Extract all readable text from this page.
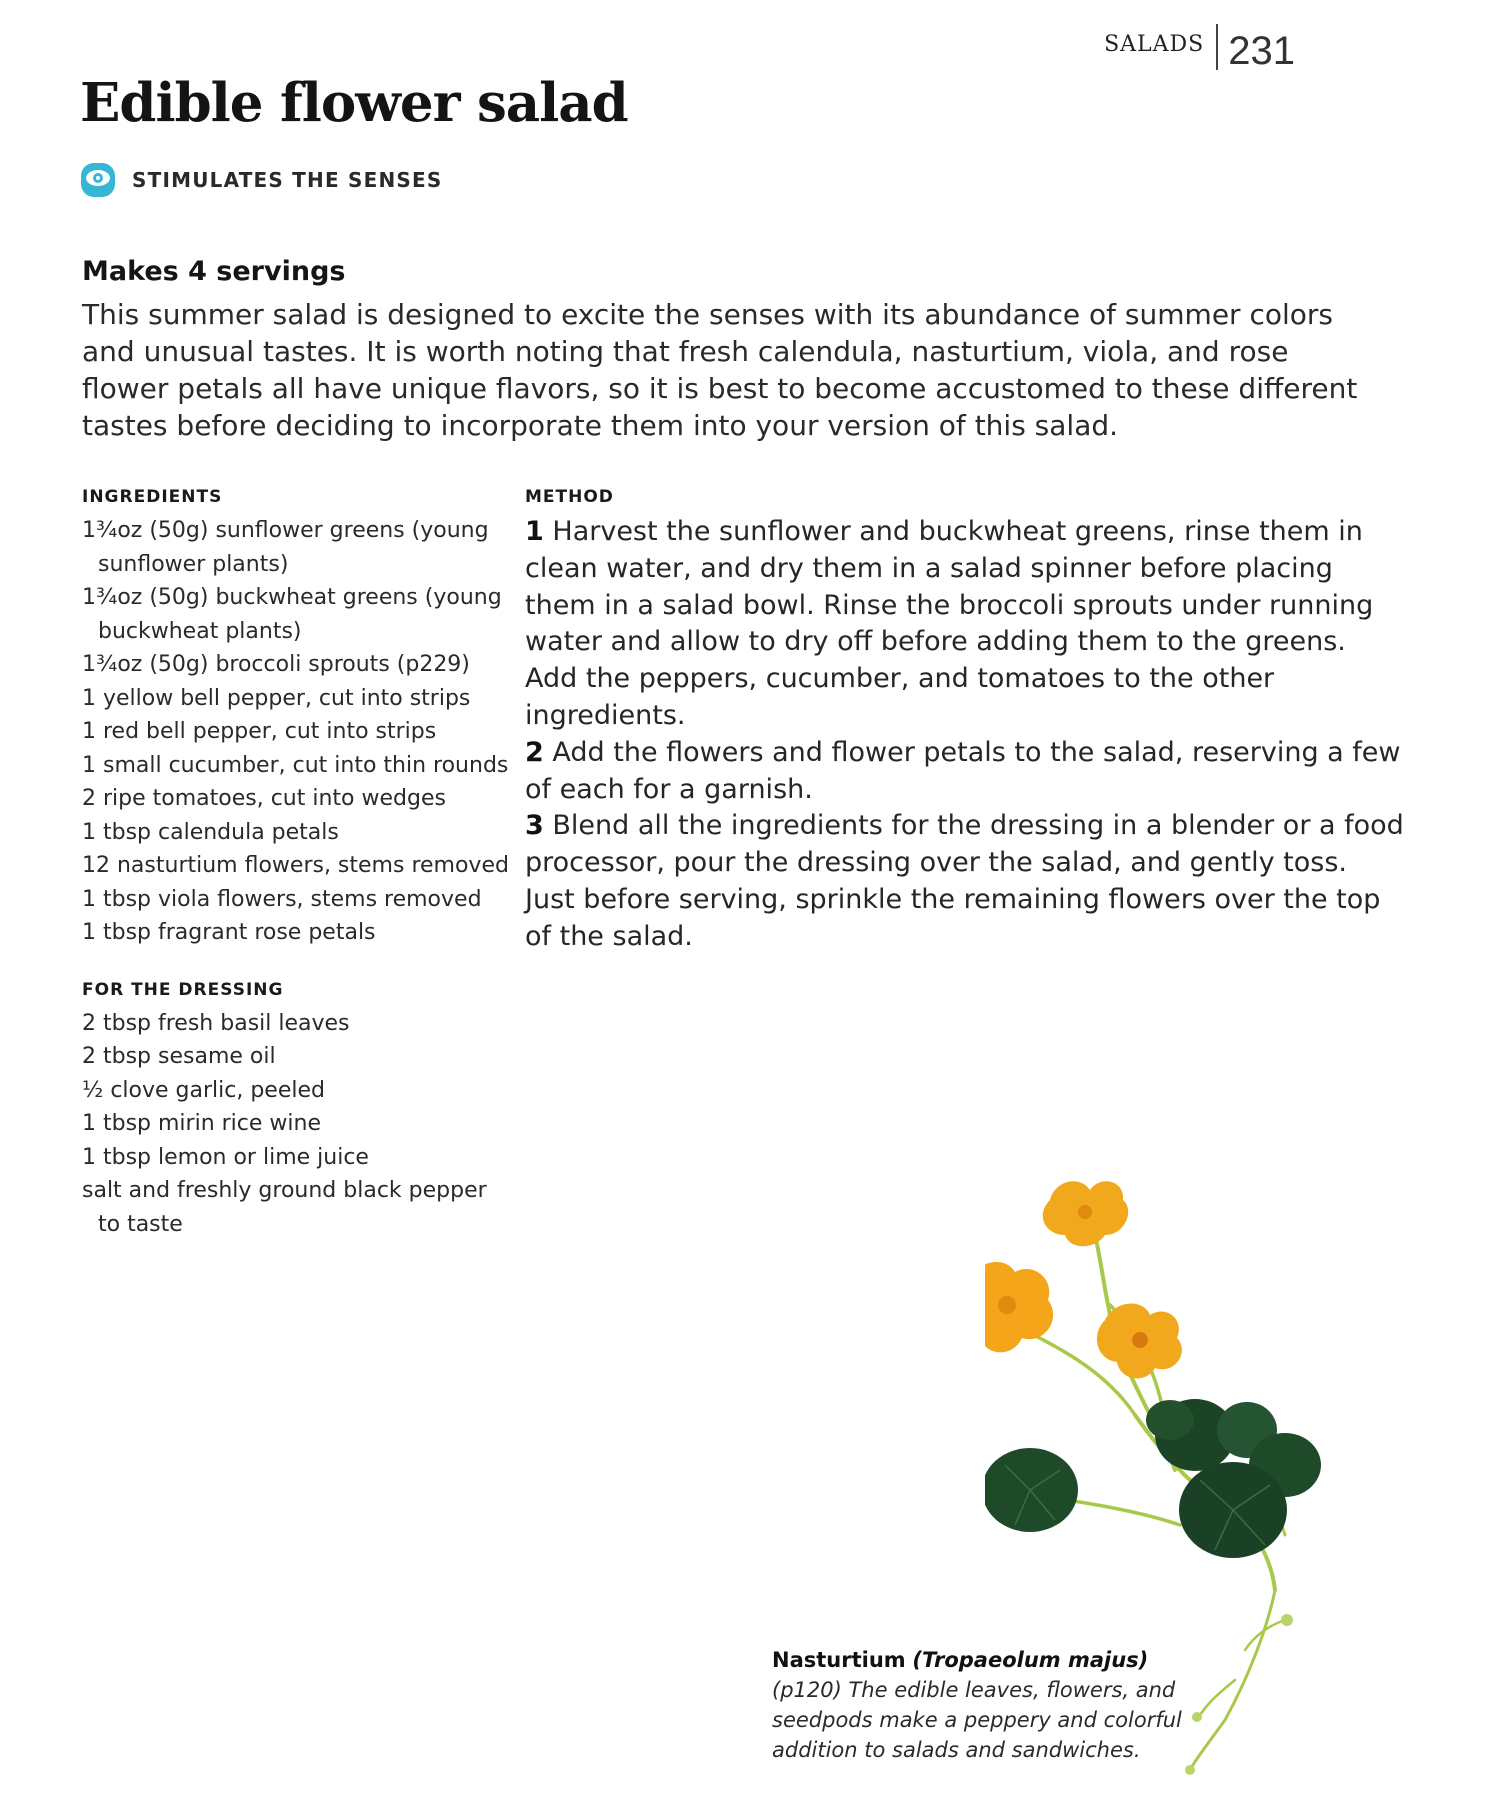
SALADS 231
Edible flower salad
STIMULATES THE SENSES
Makes 4 servings

This summer salad is designed to excite the senses with its abundance of summer colors and unusual tastes. It is worth noting that fresh calendula, nasturtium, viola, and rose flower petals all have unique flavors, so it is best to become accustomed to these different tastes before deciding to incorporate them into your version of this salad.

INGREDIENTS
1¾oz (50g) sunflower greens (young sunflower plants)
1¾oz (50g) buckwheat greens (young buckwheat plants)
1¾oz (50g) broccoli sprouts (p229)
1 yellow bell pepper, cut into strips
1 red bell pepper, cut into strips
1 small cucumber, cut into thin rounds
2 ripe tomatoes, cut into wedges
1 tbsp calendula petals
12 nasturtium flowers, stems removed
1 tbsp viola flowers, stems removed
1 tbsp fragrant rose petals
FOR THE DRESSING
2 tbsp fresh basil leaves
2 tbsp sesame oil
½ clove garlic, peeled
1 tbsp mirin rice wine
1 tbsp lemon or lime juice
salt and freshly ground black pepper to taste
METHOD

1 Harvest the sunflower and buckwheat greens, rinse them in clean water, and dry them in a salad spinner before placing them in a salad bowl. Rinse the broccoli sprouts under running water and allow to dry off before adding them to the greens. Add the peppers, cucumber, and tomatoes to the other ingredients.

2 Add the flowers and flower petals to the salad, reserving a few of each for a garnish.

3 Blend all the ingredients for the dressing in a blender or a food processor, pour the dressing over the salad, and gently toss. Just before serving, sprinkle the remaining flowers over the top of the salad.

Nasturtium (Tropaeolum majus)
(p120) The edible leaves, flowers, and seedpods make a peppery and colorful addition to salads and sandwiches.
